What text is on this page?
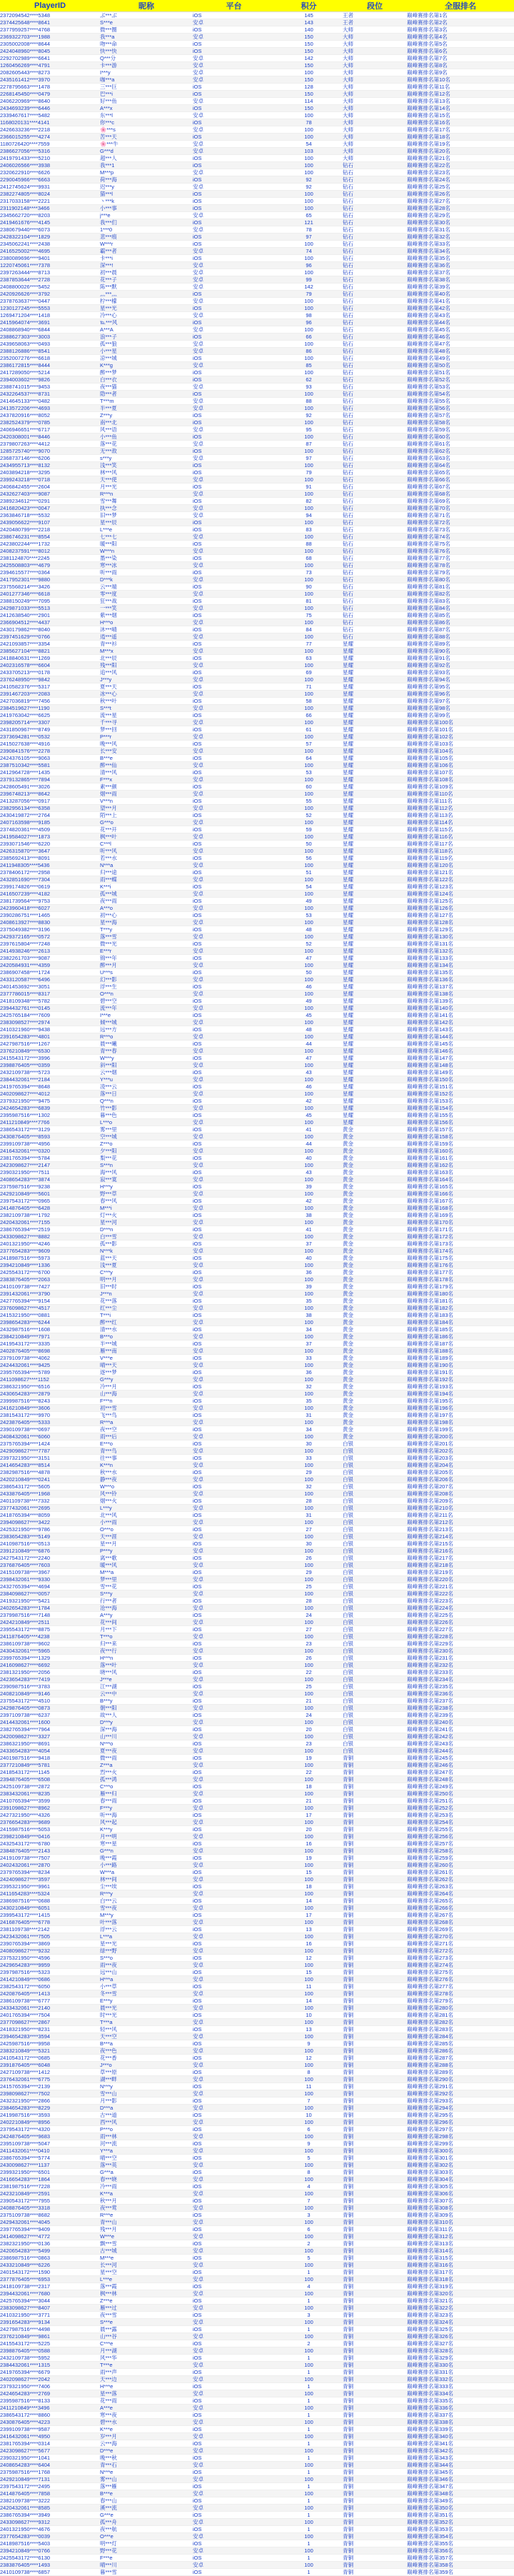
PlayerID	昵称	平台	积分	段位	全服排名
2372094542****5348	ぶ***ぶ	iOS	145	王者	巅峰赛排名第1名
2374425648****8641	S***e	安卓	143	王者	巅峰赛排名第2名
2377959257****4768	微***圈	iOS	140	大师	巅峰赛排名第3名
2369322703****1988	我***a	安卓	150	大师	巅峰赛排名第4名
2305002008****8644	吻***命	iOS	150	大师	巅峰赛排名第5名
2424048960****8045	快***快	iOS	150	大师	巅峰赛排名第6名
2292702989****6641	Q***分	安卓	142	大师	巅峰赛排名第7名
1260456269****4791	卡***游	安卓	150	大师	巅峰赛排名第8名
2082605443****8273	I***y	安卓	100	大师	巅峰赛排名第9名
2435161412****3970	咖***a	安卓	150	大师	巅峰赛排名第10名
2278795663****1478	三***巨	iOS	128	大师	巅峰赛排名第11名
2268145450****0479	巴***i	iOS	150	大师	巅峰赛排名第12名
2406220969****8640	好***鱼	安卓	114	大师	巅峰赛排名第13名
2434693239****6446	A***x	iOS	150	大师	巅峰赛排名第14名
2339467617****5482	东***l	安卓	100	大师	巅峰赛排名第15名
1168020131****4141	你***c	iOS	78	大师	巅峰赛排名第16名
2426633236****2218	🌸***s	安卓	100	大师	巅峰赛排名第17名
2366015255****4274	苦***天	iOS	100	大师	巅峰赛排名第18名
1180726420****7559	🌸***牛	安卓	54	大师	巅峰赛排名第19名
2386627056****5316	G***d	安卓	103	大师	巅峰赛排名第20名
2419791433****5210	超***人	iOS	100	大师	巅峰赛排名第21名
2406026566****3938	我***1	iOS	100	钻石	巅峰赛排名第22名
2320622910****6626	M***p	安卓	100	钻石	巅峰赛排名第23名
2290045966****6663	荷***海	iOS	92	钻石	巅峰赛排名第24名
2412745624****9931	迟***y	安卓	92	钻石	巅峰赛排名第25名
2382274805****8024	猫***l	iOS	100	钻石	巅峰赛排名第26名
2317033158****2221	丶***k	iOS	100	钻石	巅峰赛排名第27名
2311902148****3466	小***事	iOS	100	钻石	巅峰赛排名第28名
2345662720****8203	j***e	安卓	65	钻石	巅峰赛排名第29名
2419461676****4145	我***们	iOS	121	钻石	巅峰赛排名第30名
2380679440****6073	1***0	安卓	78	钻石	巅峰赛排名第31名
2428322104****1829	悲***痕	iOS	97	钻石	巅峰赛排名第32名
2345062241****2438	W***r	iOS	100	钻石	巅峰赛排名第33名
2416525002****4695	霸***者	安卓	74	钻石	巅峰赛排名第34名
2380089696****9401	卡***i	iOS	100	钻石	巅峰赛排名第35名
1220745061****7378	深***!	安卓	96	钻石	巅峰赛排名第36名
2397263444****8713	初***晨	安卓	100	钻石	巅峰赛排名第37名
2387853644****2728	花***子	安卓	99	钻石	巅峰赛排名第38名
2408800026****5452	陈***默	安卓	142	钻石	巅峰赛排名第39名
2420926626****3792	灬***灬	iOS	79	钻石	巅峰赛排名第40名
2378763637****0447	柠***檬	安卓	100	钻石	巅峰赛排名第41名
1230127245****5553	星***光	iOS	100	钻石	巅峰赛排名第42名
1269471204****1418	冷***心	安卓	98	钻石	巅峰赛排名第43名
2415964074****3691	℡***风	iOS	96	钻石	巅峰赛排名第44名
2408868940****6844	A***A	安卓	100	钻石	巅峰赛排名第45名
2388627303****3003	浪***子	iOS	66	钻石	巅峰赛排名第46名
2439658063****0493	孤***狼	安卓	100	钻石	巅峰赛排名第47名
2388126886****8541	小***星	安卓	86	钻石	巅峰赛排名第48名
2352007276****6618	凉***城	iOS	100	钻石	巅峰赛排名第49名
2386172815****8444	K***g	安卓	85	钻石	巅峰赛排名第50名
2417289050****5214	醉***梦	iOS	100	钻石	巅峰赛排名第51名
2394003602****9826	白***衣	iOS	62	钻石	巅峰赛排名第52名
2388741015****9453	夜***猫	安卓	93	钻石	巅峰赛排名第53名
2432264537****8731	隐***者	iOS	100	钻石	巅峰赛排名第54名
2414645133****0482	T***m	安卓	88	钻石	巅峰赛排名第55名
2413572206****4693	半***夏	安卓	100	钻石	巅峰赛排名第56名
2437820916****8052	Z***y	iOS	92	钻石	巅峰赛排名第57名
2382524379****0785	南***北	iOS	100	钻石	巅峰赛排名第58名
2406946651****6717	风***语	安卓	95	钻石	巅峰赛排名第59名
2420308001****8446	小***鱼	iOS	100	钻石	巅峰赛排名第60名
2379807263****4412	落***花	安卓	87	钻石	巅峰赛排名第61名
1285725740****9070	无***敌	iOS	100	钻石	巅峰赛排名第62名
2368737146****6206	s***y	安卓	97	钻石	巅峰赛排名第63名
2434955713****8132	浅***笑	iOS	100	钻石	巅峰赛排名第64名
2403894218****3295	林***风	iOS	79	钻石	巅峰赛排名第65名
2399243218****0718	天***使	安卓	100	钻石	巅峰赛排名第66名
2406842455****2604	月***光	iOS	91	钻石	巅峰赛排名第67名
2432627403****9087	R***n	安卓	100	钻石	巅峰赛排名第68名
2389234612****0291	雪***舞	iOS	82	钻石	巅峰赛排名第69名
2416820423****0047	执***念	安卓	100	钻石	巅峰赛排名第70名
2363846718****5532	旧***梦	安卓	94	钻石	巅峰赛排名第71名
2439056622****9107	星***辰	iOS	100	钻石	巅峰赛排名第72名
2420480799****2218	L***e	iOS	83	钻石	巅峰赛排名第73名
2386746231****8554	七***七	安卓	100	钻石	巅峰赛排名第74名
2423802244****1732	暖***阳	iOS	88	钻石	巅峰赛排名第75名
2408237591****8012	W***n	安卓	100	钻石	巅峰赛排名第76名
2381124870****2245	墨***染	iOS	68	钻石	巅峰赛排名第77名
2425508803****4679	寒***冰	安卓	100	钻石	巅峰赛排名第78名
2394615577****0364	听***雨	iOS	73	钻石	巅峰赛排名第79名
2417952301****9880	D***k	安卓	100	钻石	巅峰赛排名第80名
2375568214****3426	云***端	iOS	90	钻石	巅峰赛排名第81名
2401277346****6618	零***度	安卓	100	钻石	巅峰赛排名第82名
2388150249****7095	狂***战	iOS	81	钻石	巅峰赛排名第83名
2429871033****5513	一***笑	安卓	100	钻石	巅峰赛排名第84名
2412638540****2901	紫***烟	iOS	75	钻石	巅峰赛排名第85名
2366904512****4437	H***o	安卓	100	钻石	巅峰赛排名第86名
2430179862****8040	沐***晴	iOS	84	钻石	巅峰赛排名第87名
2397451629****0766	逍***遥	安卓	100	钻石	巅峰赛排名第88名
2421093857****3354	青***衫	iOS	77	星耀	巅峰赛排名第89名
2385627104****8821	M***x	安卓	100	星耀	巅峰赛排名第90名
2418840631****1269	北***辰	iOS	63	星耀	巅峰赛排名第91名
2402316578****6604	残***阳	安卓	100	星耀	巅峰赛排名第92名
2433705213****0178	追***风	iOS	69	星耀	巅峰赛排名第93名
2376248950****9842	J***y	安卓	100	星耀	巅峰赛排名第94名
2410582376****5317	夏***天	iOS	71	星耀	巅峰赛排名第95名
2391467203****2083	冰***心	安卓	100	星耀	巅峰赛排名第96名
2427036819****7456	秋***叶	iOS	58	星耀	巅峰赛排名第97名
2384519627****1190	S***t	安卓	100	星耀	巅峰赛排名第98名
2419763042****6625	流***星	iOS	66	星耀	巅峰赛排名第99名
2398205714****3307	千***寻	安卓	100	星耀	巅峰赛排名第100名
2431850967****8749	梦***回	iOS	61	星耀	巅峰赛排名第101名
2373694281****0532	P***r	安卓	100	星耀	巅峰赛排名第102名
2415027638****4916	晚***风	iOS	57	星耀	巅峰赛排名第103名
2390841576****2278	长***安	安卓	100	星耀	巅峰赛排名第104名
2424376105****9063	B***e	iOS	64	星耀	巅峰赛排名第105名
2387510342****5581	醉***仙	安卓	100	星耀	巅峰赛排名第106名
2412964728****1435	清***风	iOS	53	星耀	巅峰赛排名第107名
2379132865****7894	F***x	安卓	100	星耀	巅峰赛排名第108名
2428605491****3026	素***颜	iOS	60	星耀	巅峰赛排名第109名
2396748213****8642	烟***雨	安卓	100	星耀	巅峰赛排名第110名
2413287056****0917	V***n	iOS	55	星耀	巅峰赛排名第111名
2382956134****6358	望***月	安卓	100	星耀	巅峰赛排名第112名
2430419872****2764	陌***上	iOS	52	星耀	巅峰赛排名第113名
2407163598****9185	G***o	安卓	100	星耀	巅峰赛排名第114名
2374820361****4509	花***开	iOS	59	星耀	巅峰赛排名第115名
2419584027****1873	枫***叶	安卓	100	星耀	巅峰赛排名第116名
2393071546****6220	C***l	iOS	50	星耀	巅峰赛排名第117名
2426315870****3647	听***风	安卓	100	星耀	巅峰赛排名第118名
2385692413****8091	若***水	iOS	56	星耀	巅峰赛排名第119名
2411948305****5436	N***a	安卓	100	星耀	巅峰赛排名第120名
2378406172****2958	归***途	iOS	51	星耀	巅峰赛排名第121名
2432851690****7304	雨***蝶	安卓	100	星耀	巅峰赛排名第122名
2399174826****0619	K***i	iOS	54	星耀	巅峰赛排名第123名
2416507239****4182	孤***城	安卓	100	星耀	巅峰赛排名第124名
2381739564****9753	夜***雨	iOS	49	星耀	巅峰赛排名第125名
2423960418****6027	A***o	安卓	100	星耀	巅峰赛排名第126名
2390286751****1465	初***心	iOS	53	星耀	巅峰赛排名第127名
2408613927****8830	星***海	安卓	100	星耀	巅峰赛排名第128名
2375049382****3196	T***y	iOS	48	星耀	巅峰赛排名第129名
2429372165****0572	落***雪	安卓	100	星耀	巅峰赛排名第130名
2397615804****7248	微***光	iOS	52	星耀	巅峰赛排名第131名
2414938246****2613	E***r	安卓	100	星耀	巅峰赛排名第132名
2382261703****9087	锦***年	iOS	47	星耀	巅峰赛排名第133名
2420584931****4359	醉***月	安卓	100	星耀	巅峰赛排名第134名
2386907458****1724	U***s	iOS	50	星耀	巅峰赛排名第135名
2433120587****6496	幻***影	安卓	100	星耀	巅峰赛排名第136名
2401453692****3051	浮***生	iOS	46	星耀	巅峰赛排名第137名
2377786015****8317	O***n	安卓	100	星耀	巅峰赛排名第138名
2418109348****5782	碧***空	iOS	49	星耀	巅峰赛排名第139名
2394432761****0145	流***年	安卓	100	星耀	巅峰赛排名第140名
2425765184****7609	I***e	iOS	45	星耀	巅峰赛排名第141名
2383098527****2974	倾***城	安卓	100	星耀	巅峰赛排名第142名
2410321960****9438	远***方	iOS	48	星耀	巅峰赛排名第143名
2391654283****4801	R***o	安卓	100	星耀	巅峰赛排名第144名
2427987516****1267	晨***曦	iOS	44	星耀	巅峰赛排名第145名
2376210849****6530	青***春	安卓	100	星耀	巅峰赛排名第146名
2415543172****3996	W***y	iOS	47	星耀	巅峰赛排名第147名
2398876405****0359	斜***阳	安卓	100	星耀	巅峰赛排名第148名
2432109738****5723	云***烟	iOS	43	星耀	巅峰赛排名第149名
2384432061****2184	Y***u	安卓	100	星耀	巅峰赛排名第150名
2419765394****8648	凌***云	iOS	46	星耀	巅峰赛排名第151名
2402098627****4012	落***日	安卓	100	星耀	巅峰赛排名第152名
2379321950****9475	Q***n	iOS	42	星耀	巅峰赛排名第153名
2424654283****6839	竹***影	安卓	100	星耀	巅峰赛排名第154名
2395987516****1302	暮***色	iOS	45	星耀	巅峰赛排名第155名
2411210849****7766	L***o	安卓	100	星耀	巅峰赛排名第156名
2386543172****3129	雾***里	iOS	41	黄金	巅峰赛排名第157名
2430876405****8593	空***城	安卓	100	黄金	巅峰赛排名第158名
2399109738****4956	Z***o	iOS	44	黄金	巅峰赛排名第159名
2416432061****0320	夕***阳	安卓	100	黄金	巅峰赛排名第160名
2381765394****5784	梨***花	iOS	40	黄金	巅峰赛排名第161名
2423098627****2147	S***n	安卓	100	黄金	巅峰赛排名第162名
2390321950****7511	海***风	iOS	43	黄金	巅峰赛排名第163名
2408654283****3874	寂***寞	安卓	100	黄金	巅峰赛排名第164名
2375987516****9238	H***y	iOS	39	黄金	巅峰赛排名第165名
2429210849****5601	野***草	安卓	100	黄金	巅峰赛排名第166名
2397543172****0965	春***风	iOS	42	黄金	巅峰赛排名第167名
2414876405****6428	M***i	安卓	100	黄金	巅峰赛排名第168名
2382109738****1792	灯***火	iOS	38	黄金	巅峰赛排名第169名
2420432061****7155	星***河	安卓	100	黄金	巅峰赛排名第170名
2386765394****2519	D***n	iOS	41	黄金	巅峰赛排名第171名
2433098627****8882	白***雪	安卓	100	黄金	巅峰赛排名第172名
2401321950****4246	孤***影	iOS	37	黄金	巅峰赛排名第173名
2377654283****9609	N***k	安卓	100	黄金	巅峰赛排名第174名
2418987516****5973	蓝***天	iOS	40	黄金	巅峰赛排名第175名
2394210849****1336	浅***夏	安卓	100	黄金	巅峰赛排名第176名
2425543172****6700	C***y	iOS	36	黄金	巅峰赛排名第177名
2383876405****2063	明***月	安卓	100	黄金	巅峰赛排名第178名
2410109738****7427	旧***时	iOS	39	黄金	巅峰赛排名第179名
2391432061****3790	J***n	安卓	100	黄金	巅峰赛排名第180名
2427765394****9154	花***落	iOS	35	黄金	巅峰赛排名第181名
2376098627****4517	红***尘	安卓	100	黄金	巅峰赛排名第182名
2415321950****0881	T***i	iOS	38	黄金	巅峰赛排名第183名
2398654283****6244	醉***红	安卓	100	黄金	巅峰赛排名第184名
2432987516****1608	清***水	iOS	34	黄金	巅峰赛排名第185名
2384210849****7971	B***o	安卓	100	黄金	巅峰赛排名第186名
2419543172****3335	半***城	iOS	37	黄金	巅峰赛排名第187名
2402876405****8698	雁***南	安卓	100	黄金	巅峰赛排名第188名
2379109738****4062	V***e	iOS	33	黄金	巅峰赛排名第189名
2424432061****9425	晴***天	安卓	100	黄金	巅峰赛排名第190名
2395765394****5789	逐***梦	iOS	36	黄金	巅峰赛排名第191名
2411098627****1152	G***y	安卓	100	黄金	巅峰赛排名第192名
2386321950****6516	冷***月	iOS	32	黄金	巅峰赛排名第193名
2430654283****2879	山***海	安卓	100	黄金	巅峰赛排名第194名
2399987516****8243	F***n	iOS	35	黄金	巅峰赛排名第195名
2416210849****3606	初***雪	安卓	100	黄金	巅峰赛排名第196名
2381543172****9970	飞***鸟	iOS	31	黄金	巅峰赛排名第197名
2423876405****5333	R***a	安卓	100	黄金	巅峰赛排名第198名
2390109738****0697	夜***空	iOS	34	黄金	巅峰赛排名第199名
2408432061****6060	雨***后	安卓	100	黄金	巅峰赛排名第200名
2375765394****1424	E***o	iOS	30	白银	巅峰赛排名第201名
2429098627****7787	青***鸟	安卓	100	白银	巅峰赛排名第202名
2397321950****3151	往***事	iOS	33	白银	巅峰赛排名第203名
2414654283****8514	K***n	安卓	100	白银	巅峰赛排名第204名
2382987516****4878	秋***水	iOS	29	白银	巅峰赛排名第205名
2420210849****0241	静***夜	安卓	100	白银	巅峰赛排名第206名
2386543172****5605	W***o	iOS	32	白银	巅峰赛排名第207名
2433876405****1968	风***铃	安卓	100	白银	巅峰赛排名第208名
2401109738****7332	烟***火	iOS	28	白银	巅峰赛排名第209名
2377432061****2695	L***y	安卓	100	白银	巅峰赛排名第210名
2418765394****8059	北***风	iOS	31	白银	巅峰赛排名第211名
2394098627****3422	小***雨	安卓	100	白银	巅峰赛排名第212名
2425321950****9786	O***o	iOS	27	白银	巅峰赛排名第213名
2383654283****5149	天***涯	安卓	100	白银	巅峰赛排名第214名
2410987516****0513	星***月	iOS	30	白银	巅峰赛排名第215名
2391210849****6876	P***y	安卓	100	白银	巅峰赛排名第216名
2427543172****2240	离***歌	iOS	26	白银	巅峰赛排名第217名
2376876405****7603	暖***风	安卓	100	白银	巅峰赛排名第218名
2415109738****3967	M***a	iOS	29	白银	巅峰赛排名第219名
2398432061****9330	梦***里	安卓	100	白银	巅峰赛排名第220名
2432765394****4694	雪***花	iOS	25	白银	巅峰赛排名第221名
2384098627****0057	S***y	安卓	100	白银	巅峰赛排名第222名
2419321950****5421	行***者	iOS	28	白银	巅峰赛排名第223名
2402654283****1784	沧***海	安卓	100	白银	巅峰赛排名第224名
2379987516****7148	A***y	iOS	24	白银	巅峰赛排名第225名
2424210849****2511	花***间	安卓	100	白银	巅峰赛排名第226名
2395543172****8875	月***下	iOS	27	白银	巅峰赛排名第227名
2411876405****4238	T***o	安卓	100	白银	巅峰赛排名第228名
2386109738****9602	归***来	iOS	23	白银	巅峰赛排名第229名
2430432061****5965	夜***行	安卓	100	白银	巅峰赛排名第230名
2399765394****1329	H***n	iOS	26	白银	巅峰赛排名第231名
2416098627****6692	落***叶	安卓	100	白银	巅峰赛排名第232名
2381321950****2056	晓***风	iOS	22	白银	巅峰赛排名第233名
2423654283****7419	J***e	安卓	100	白银	巅峰赛排名第234名
2390987516****3783	江***湖	iOS	25	白银	巅峰赛排名第235名
2408210849****9146	云***中	安卓	100	白银	巅峰赛排名第236名
2375543172****4510	B***y	iOS	21	白银	巅峰赛排名第237名
2429876405****0873	朝***阳	安卓	100	白银	巅峰赛排名第238名
2397109738****6237	故***人	iOS	24	白银	巅峰赛排名第239名
2414432061****1600	D***y	安卓	100	白银	巅峰赛排名第240名
2382765394****7964	深***海	iOS	20	白银	巅峰赛排名第241名
2420098627****3327	山***川	安卓	100	白银	巅峰赛排名第242名
2386321950****8691	N***o	iOS	23	白银	巅峰赛排名第243名
2433654283****4054	夏***夜	安卓	100	白银	巅峰赛排名第244名
2401987516****9418	微***雨	iOS	19	青铜	巅峰赛排名第245名
2377210849****5781	Z***a	安卓	100	青铜	巅峰赛排名第246名
2418543172****1145	烈***火	iOS	22	青铜	巅峰赛排名第247名
2394876405****6508	孤***鸿	安卓	100	青铜	巅峰赛排名第248名
2425109738****2872	C***o	iOS	18	青铜	巅峰赛排名第249名
2383432061****8235	雁***归	安卓	100	青铜	巅峰赛排名第250名
2410765394****3599	春***雨	iOS	21	青铜	巅峰赛排名第251名
2391098627****8962	F***y	安卓	100	青铜	巅峰赛排名第252名
2427321950****4326	听***海	iOS	17	青铜	巅峰赛排名第253名
2376654283****9689	风***起	安卓	100	青铜	巅峰赛排名第254名
2415987516****5053	K***y	iOS	20	青铜	巅峰赛排名第255名
2398210849****0416	月***明	安卓	100	青铜	巅峰赛排名第256名
2432543172****6780	寒***星	iOS	16	青铜	巅峰赛排名第257名
2384876405****2143	G***n	安卓	100	青铜	巅峰赛排名第258名
2419109738****7507	晚***霞	iOS	19	青铜	巅峰赛排名第259名
2402432061****2870	小***路	安卓	100	青铜	巅峰赛排名第260名
2379765394****8234	W***a	iOS	15	青铜	巅峰赛排名第261名
2424098627****3597	林***间	安卓	100	青铜	巅峰赛排名第262名
2395321950****9961	尘***埃	iOS	18	青铜	巅峰赛排名第263名
2411654283****5324	R***y	安卓	100	青铜	巅峰赛排名第264名
2386987516****0688	白***云	iOS	14	青铜	巅峰赛排名第265名
2430210849****6051	雪***夜	安卓	100	青铜	巅峰赛排名第266名
2399543172****1415	M***y	iOS	17	青铜	巅峰赛排名第267名
2416876405****6778	叶***落	安卓	100	青铜	巅峰赛排名第268名
2381109738****2142	浮***云	iOS	13	青铜	巅峰赛排名第269名
2423432061****7505	L***a	安卓	100	青铜	巅峰赛排名第270名
2390765394****3869	星***光	iOS	16	青铜	巅峰赛排名第271名
2408098627****9232	绿***野	安卓	100	青铜	巅峰赛排名第272名
2375321950****4596	S***o	iOS	12	青铜	巅峰赛排名第273名
2429654283****9959	雨***夜	安卓	100	青铜	巅峰赛排名第274名
2397987516****5323	远***山	iOS	15	青铜	巅峰赛排名第275名
2414210849****0686	H***a	安卓	100	青铜	巅峰赛排名第276名
2382543172****6050	小***草	iOS	11	青铜	巅峰赛排名第277名
2420876405****1413	冬***雪	安卓	100	青铜	巅峰赛排名第278名
2386109738****6777	E***y	iOS	14	青铜	巅峰赛排名第279名
2433432061****2140	晨***光	安卓	100	青铜	巅峰赛排名第280名
2401765394****7504	时***光	iOS	10	青铜	巅峰赛排名第281名
2377098627****2867	T***a	安卓	100	青铜	巅峰赛排名第282名
2418321950****8231	轻***风	iOS	13	青铜	巅峰赛排名第283名
2394654283****3594	天***空	安卓	100	青铜	巅峰赛排名第284名
2425987516****9958	B***a	iOS	9	青铜	巅峰赛排名第285名
2383210849****5321	夜***色	安卓	100	青铜	巅峰赛排名第286名
2410543172****0685	花***香	iOS	12	青铜	巅峰赛排名第287名
2391876405****6048	J***o	安卓	100	青铜	巅峰赛排名第288名
2427109738****1412	草***原	iOS	8	青铜	巅峰赛排名第289名
2376432061****6775	湖***畔	安卓	100	青铜	巅峰赛排名第290名
2415765394****2139	N***y	iOS	11	青铜	巅峰赛排名第291名
2398098627****7502	雪***山	安卓	100	青铜	巅峰赛排名第292名
2432321950****2866	月***影	iOS	7	青铜	巅峰赛排名第293名
2384654283****8229	D***a	安卓	100	青铜	巅峰赛排名第294名
2419987516****3593	古***道	iOS	10	青铜	巅峰赛排名第295名
2402210849****8956	西***风	安卓	100	青铜	巅峰赛排名第296名
2379543172****4320	P***o	iOS	6	青铜	巅峰赛排名第297名
2424876405****9683	雨***林	安卓	100	青铜	巅峰赛排名第298名
2395109738****5047	河***流	iOS	9	青铜	巅峰赛排名第299名
2411432061****0410	Y***a	安卓	100	青铜	巅峰赛排名第300名
2386765394****5774	晴***空	iOS	5	青铜	巅峰赛排名第301名
2430098627****1137	落***英	安卓	100	青铜	巅峰赛排名第302名
2399321950****6501	G***a	iOS	8	青铜	巅峰赛排名第303名
2416654283****1864	春***晓	安卓	100	青铜	巅峰赛排名第304名
2381987516****7228	冷***雨	iOS	4	青铜	巅峰赛排名第305名
2423210849****2591	K***a	安卓	100	青铜	巅峰赛排名第306名
2390543172****7955	秋***月	iOS	7	青铜	巅峰赛排名第307名
2408876405****3318	夜***莺	安卓	100	青铜	巅峰赛排名第308名
2375109738****8682	R***e	iOS	3	青铜	巅峰赛排名第309名
2429432061****4045	青***山	安卓	100	青铜	巅峰赛排名第310名
2397765394****9409	残***月	iOS	6	青铜	巅峰赛排名第311名
2414098627****4772	W***e	安卓	100	青铜	巅峰赛排名第312名
2382321950****0136	飘***雪	iOS	2	青铜	巅峰赛排名第313名
2420654283****5499	古***城	安卓	100	青铜	巅峰赛排名第314名
2386987516****0863	M***e	iOS	5	青铜	巅峰赛排名第315名
2433210849****6226	长***河	安卓	100	青铜	巅峰赛排名第316名
2401543172****1590	星***空	iOS	1	青铜	巅峰赛排名第317名
2377876405****6953	L***e	安卓	100	青铜	巅峰赛排名第318名
2418109738****2317	落***霞	iOS	4	青铜	巅峰赛排名第319名
2394432061****7680	枫***林	安卓	100	青铜	巅峰赛排名第320名
2425765394****3044	Z***e	iOS	1	青铜	巅峰赛排名第321名
2383098627****8407	雁***过	安卓	100	青铜	巅峰赛排名第322名
2410321950****3771	夜***雪	iOS	3	青铜	巅峰赛排名第323名
2391654283****9134	S***e	安卓	100	青铜	巅峰赛排名第324名
2427987516****4498	晨***露	iOS	1	青铜	巅峰赛排名第325名
2376210849****9861	山***谷	安卓	100	青铜	巅峰赛排名第326名
2415543172****5225	C***e	iOS	2	青铜	巅峰赛排名第327名
2398876405****0588	月***湖	安卓	100	青铜	巅峰赛排名第328名
2432109738****5952	风***华	iOS	1	青铜	巅峰赛排名第329名
2384432061****1315	T***e	安卓	100	青铜	巅峰赛排名第330名
2419765394****6679	雨***声	iOS	1	青铜	巅峰赛排名第331名
2402098627****2042	天***边	安卓	100	青铜	巅峰赛排名第332名
2379321950****7406	H***e	iOS	1	青铜	巅峰赛排名第333名
2424654283****2769	星***落	安卓	100	青铜	巅峰赛排名第334名
2395987516****8133	花***雨	iOS	1	青铜	巅峰赛排名第335名
2411210849****3496	A***e	安卓	100	青铜	巅峰赛排名第336名
2386543172****8860	寒***夜	iOS	1	青铜	巅峰赛排名第337名
2430876405****4223	碧***水	安卓	100	青铜	巅峰赛排名第338名
2399109738****9587	K***e	iOS	1	青铜	巅峰赛排名第339名
2416432061****4950	岁***月	安卓	100	青铜	巅峰赛排名第340名
2381765394****0314	云***海	iOS	1	青铜	巅峰赛排名第341名
2423098627****5677	D***e	安卓	100	青铜	巅峰赛排名第342名
2390321950****1041	晚***秋	iOS	1	青铜	巅峰赛排名第343名
2408654283****6404	青***石	安卓	100	青铜	巅峰赛排名第344名
2375987516****1768	N***e	iOS	1	青铜	巅峰赛排名第345名
2429210849****7131	雾***山	安卓	100	青铜	巅峰赛排名第346名
2397543172****2495	落***雁	iOS	1	青铜	巅峰赛排名第347名
2414876405****7858	B***e	安卓	100	青铜	巅峰赛排名第348名
2382109738****3222	春***山	iOS	1	青铜	巅峰赛排名第349名
2420432061****8585	溪***流	安卓	100	青铜	巅峰赛排名第350名
2386765394****3949	G***e	iOS	1	青铜	巅峰赛排名第351名
2433098627****9312	孤***舟	安卓	100	青铜	巅峰赛排名第352名
2401321950****4676	夜***航	iOS	1	青铜	巅峰赛排名第353名
2377654283****0039	O***e	安卓	100	青铜	巅峰赛排名第354名
2418987516****5403	明***灯	iOS	1	青铜	巅峰赛排名第355名
2394210849****0766	野***花	安卓	100	青铜	巅峰赛排名第356名
2425543172****6130	F***e	iOS	1	青铜	巅峰赛排名第357名
2383876405****1493	晴***川	安卓	100	青铜	巅峰赛排名第358名
2410109738****6857	暮***雪	iOS	1	青铜	巅峰赛排名第359名
